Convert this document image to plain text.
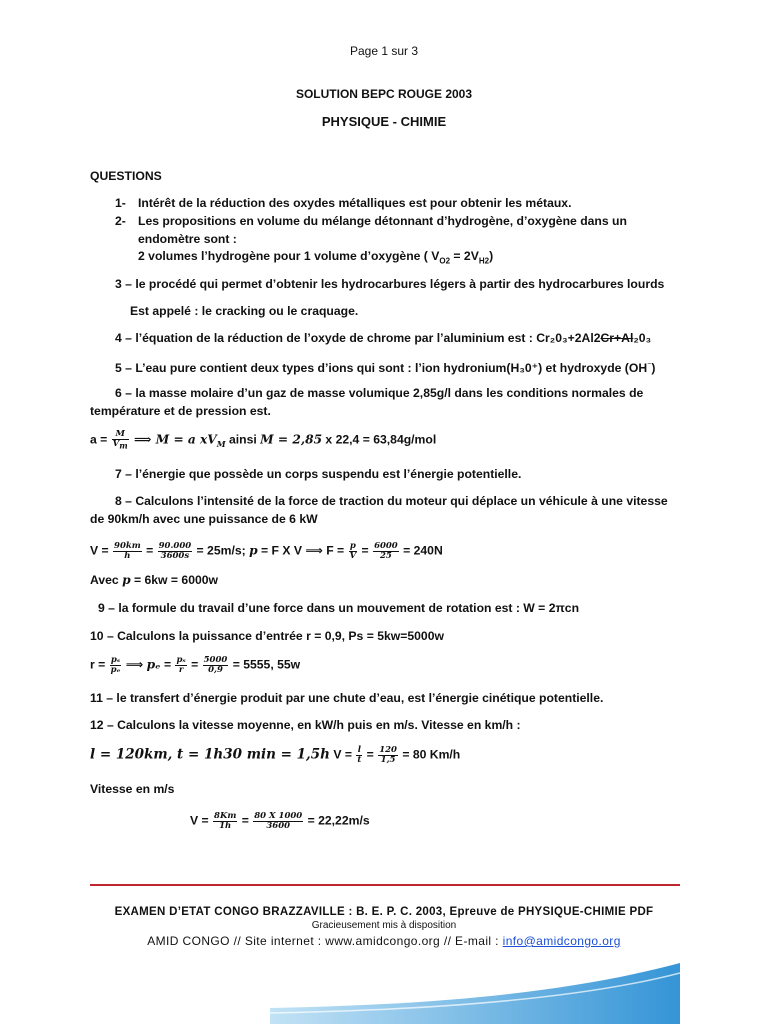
Page 1 sur 3
SOLUTION BEPC ROUGE 2003
PHYSIQUE - CHIMIE
QUESTIONS
1- Intérêt de la réduction des oxydes métalliques est pour obtenir les métaux.
2- Les propositions en volume du mélange détonnant d’hydrogène, d’oxygène dans un
endomètre sont :
2 volumes l’hydrogène pour 1 volume d’oxygène ( $V_{O2} = 2V_{H2}$)
3 – le procédé qui permet d’obtenir les hydrocarbures légers à partir des hydrocarbures lourds
Est appelé : le cracking ou le craquage.
4 – l’équation de la réduction de l’oxyde de chrome par l’aluminium est : Cr₂0₃+2Al2Cr+Al₂0₃
5 – L’eau pure contient deux types d’ions qui sont : l’ion hydronium(H₃0⁺) et hydroxyde (OH⁻)
6 – la masse molaire d’un gaz de masse volumique 2,85g/l dans les conditions normales de
température et de pression est.
$a = \frac{M}{Vm}$ ⟹ M = a $xV_M$ ainsi M = 2,85 x 22,4 = 63,84g/mol
7 – l’énergie que possède un corps suspendu est l’énergie potentielle.
8 – Calculons l’intensité de la force de traction du moteur qui déplace un véhicule à une vitesse
de 90km/h avec une puissance de 6 kW
$V = \frac{90km}{h} = \frac{90.000}{3600s} = 25m/s$; p = F X V ⟹ $F = \frac{p}{V} = \frac{6000}{25} = 240N$
Avec p = 6kw = 6000w
9 – la formule du travail d’une force dans un mouvement de rotation est : W = 2πcn
10 – Calculons la puissance d’entrée r = 0,9, Ps = 5kw=5000w
$r = \frac{\text{pₛ}}{\text{pₑ}}$ ⟹ $p_e = \frac{\text{pₛ}}{r} = \frac{5000}{0,9} = 5555$, 55w
11 – le transfert d’énergie produit par une chute d’eau, est l’énergie cinétique potentielle.
12 – Calculons la vitesse moyenne, en kW/h puis en m/s. Vitesse en km/h :
l = 120km, t = 1h30 min = 1,5h $V = \frac{l}{t} = \frac{120}{1,5} = 80$ Km/h
Vitesse en m/s
$V = \frac{8Km}{1h} = \frac{80 X 1000}{3600} = 22,22m/s$
EXAMEN D’ETAT CONGO BRAZZAVILLE : B. E. P. C. 2003, Epreuve de PHYSIQUE-CHIMIE PDF
Gracieusement mis à disposition
AMID CONGO // Site internet : www.amidcongo.org // E-mail : info@amidcongo.org
